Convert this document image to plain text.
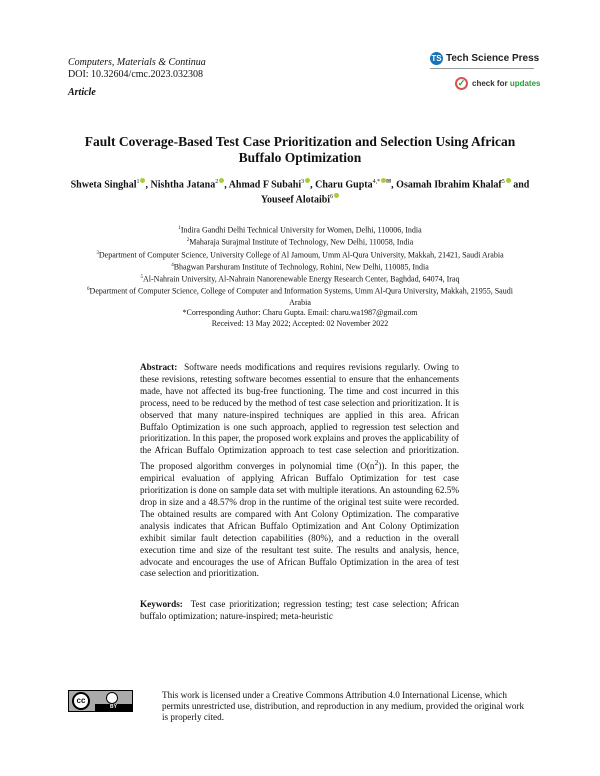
Computers, Materials & Continua
DOI: 10.32604/cmc.2023.032308
Article
TS Tech Science Press
✓ check for updates
Fault Coverage-Based Test Case Prioritization and Selection Using African Buffalo Optimization
Shweta Singhal$^1$ , Nishtha Jatana$^2$ , Ahmad F Subahi$^3$ , Charu Gupta$^{4,*}$ ✉, Osamah Ibrahim Khalaf$^5$ and Youseef Alotaibi$^6$
$^1$Indira Gandhi Delhi Technical University for Women, Delhi, 110006, India
$^2$Maharaja Surajmal Institute of Technology, New Delhi, 110058, India
$^3$Department of Computer Science, University College of Al Jamoum, Umm Al-Qura University, Makkah, 21421, Saudi Arabia
$^4$Bhagwan Parshuram Institute of Technology, Rohini, New Delhi, 110085, India
$^5$Al-Nahrain University, Al-Nahrain Nanorenewable Energy Research Center, Baghdad, 64074, Iraq
$^6$Department of Computer Science, College of Computer and Information Systems, Umm Al-Qura University, Makkah, 21955, Saudi Arabia
*Corresponding Author: Charu Gupta. Email: charu.wa1987@gmail.com
Received: 13 May 2022; Accepted: 02 November 2022
Abstract: Software needs modifications and requires revisions regularly. Owing to these revisions, retesting software becomes essential to ensure that the enhancements made, have not affected its bug-free functioning. The time and cost incurred in this process, need to be reduced by the method of test case selection and prioritization. It is observed that many nature-inspired techniques are applied in this area. African Buffalo Optimization is one such approach, applied to regression test selection and prioritization. In this paper, the proposed work explains and proves the applicability of the African Buffalo Optimization approach to test case selection and prioritization. The proposed algorithm converges in polynomial time $(O(n^2))$. In this paper, the empirical evaluation of applying African Buffalo Optimization for test case prioritization is done on sample data set with multiple iterations. An astounding 62.5% drop in size and a 48.57% drop in the runtime of the original test suite were recorded. The obtained results are compared with Ant Colony Optimization. The comparative analysis indicates that African Buffalo Optimization and Ant Colony Optimization exhibit similar fault detection capabilities (80%), and a reduction in the overall execution time and size of the resultant test suite. The results and analysis, hence, advocate and encourages the use of African Buffalo Optimization in the area of test case selection and prioritization.
Keywords: Test case prioritization; regression testing; test case selection; African buffalo optimization; nature-inspired; meta-heuristic
cc
BY
This work is licensed under a Creative Commons Attribution 4.0 International License, which permits unrestricted use, distribution, and reproduction in any medium, provided the original work is properly cited.
